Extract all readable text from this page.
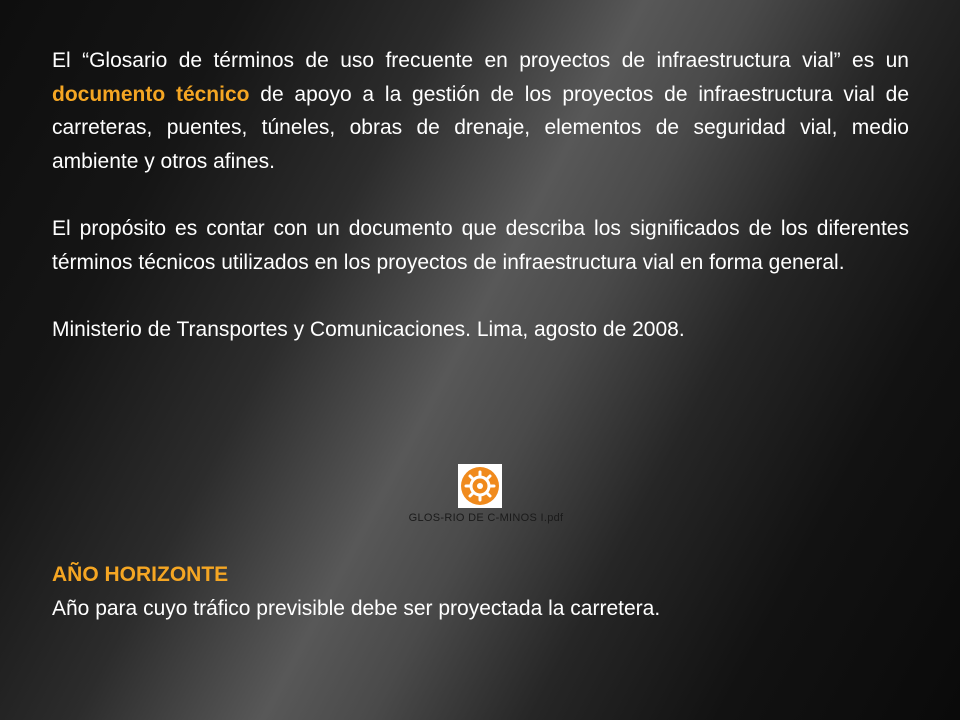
El “Glosario de términos de uso frecuente en proyectos de infraestructura vial” es un documento técnico de apoyo a la gestión de los proyectos de infraestructura vial de carreteras, puentes, túneles, obras de drenaje, elementos de seguridad vial, medio ambiente y otros afines.

El propósito es contar con un documento que describa los significados de los diferentes términos técnicos utilizados en los proyectos de infraestructura vial en forma general.

Ministerio de Transportes y Comunicaciones. Lima, agosto de 2008.

GLOS-RIO DE C-MINOS I.pdf
AÑO HORIZONTE

Año para cuyo tráfico previsible debe ser proyectada la carretera.
